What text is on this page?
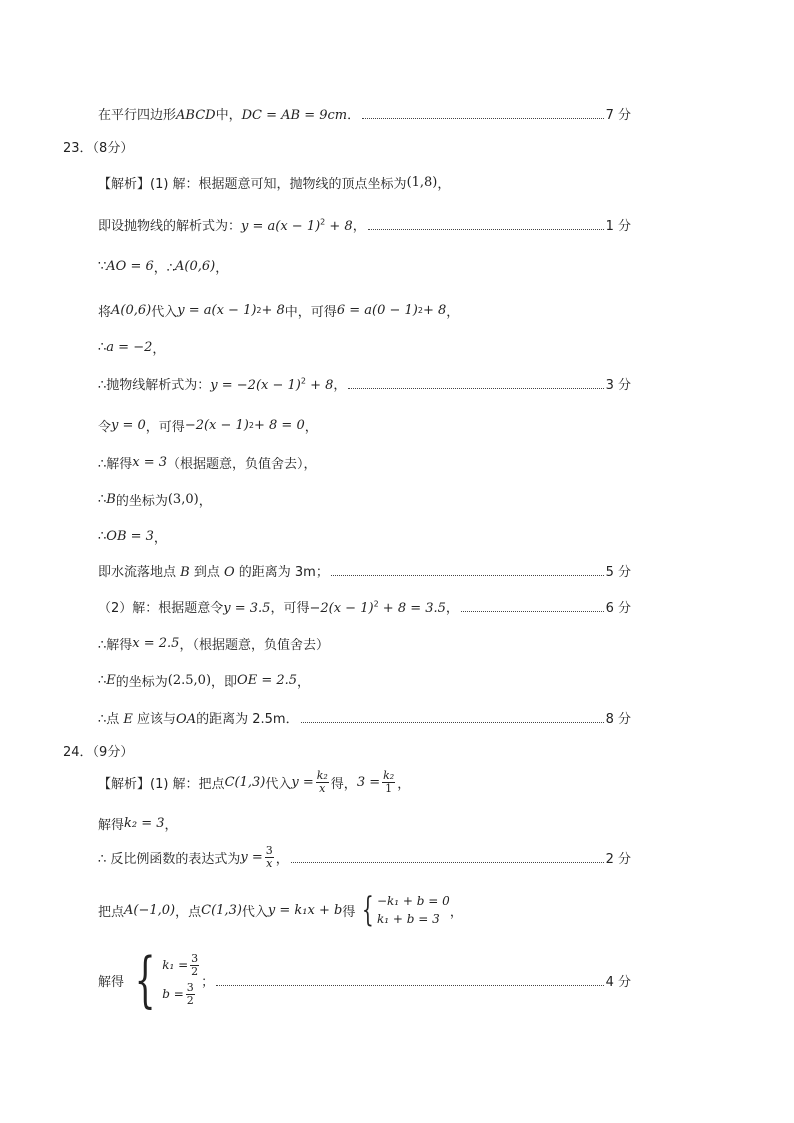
在平行四边形ABCD中，DC = AB = 9cm．	7 分
23．（8分）
【解析】(1) 解：根据题意可知，抛物线的顶点坐标为 (1,8) ，
即设抛物线的解析式为：$y = a(x - 1)^2 + 8$，	1 分
∵ AO = 6 ，∴ A(0,6) ，
将 A(0,6) 代入 y = a(x − 1) 2 + 8 中，可得 6 = a(0 − 1) 2 + 8 ，
∴ a = −2 ，
∴抛物线解析式为：$y = -2(x - 1)^2 + 8$，	3 分
令 y = 0 ，可得 −2(x − 1) 2 + 8 = 0 ，
∴解得 x = 3 （根据题意，负值舍去），
∴ B 的坐标为 (3,0) ，
∴ OB = 3 ，
即水流落地点 B 到点 O 的距离为 3m；	5 分
（2）解：根据题意令y = 3.5，可得$-2(x - 1)^2 + 8 = 3.5$，	6 分
∴解得 x = 2.5 ，（根据题意，负值舍去）
∴ E 的坐标为 (2.5,0) ，即 OE = 2.5 ，
∴点 E 应该与OA的距离为 2.5m．	8 分
24．（9分）
【解析】(1) 解：把点 C(1,3) 代入 $y = \frac{\text{k₂}}{x}$ 得， $3 = \frac{\text{k₂}}{1}$ ，
解得 k₂ = 3 ，
∴ 反比例函数的表达式为 $y = \frac{3}{x}$ ，	2 分
把点 A(−1,0) ，点 C(1,3) 代入 y = k₁x + b 得 { −k₁ + b = 0
k₁ + b = 3 ，
解得 { $k_1 = \frac{3}{2}$
$b = \frac{3}{2}$ ；	4 分
